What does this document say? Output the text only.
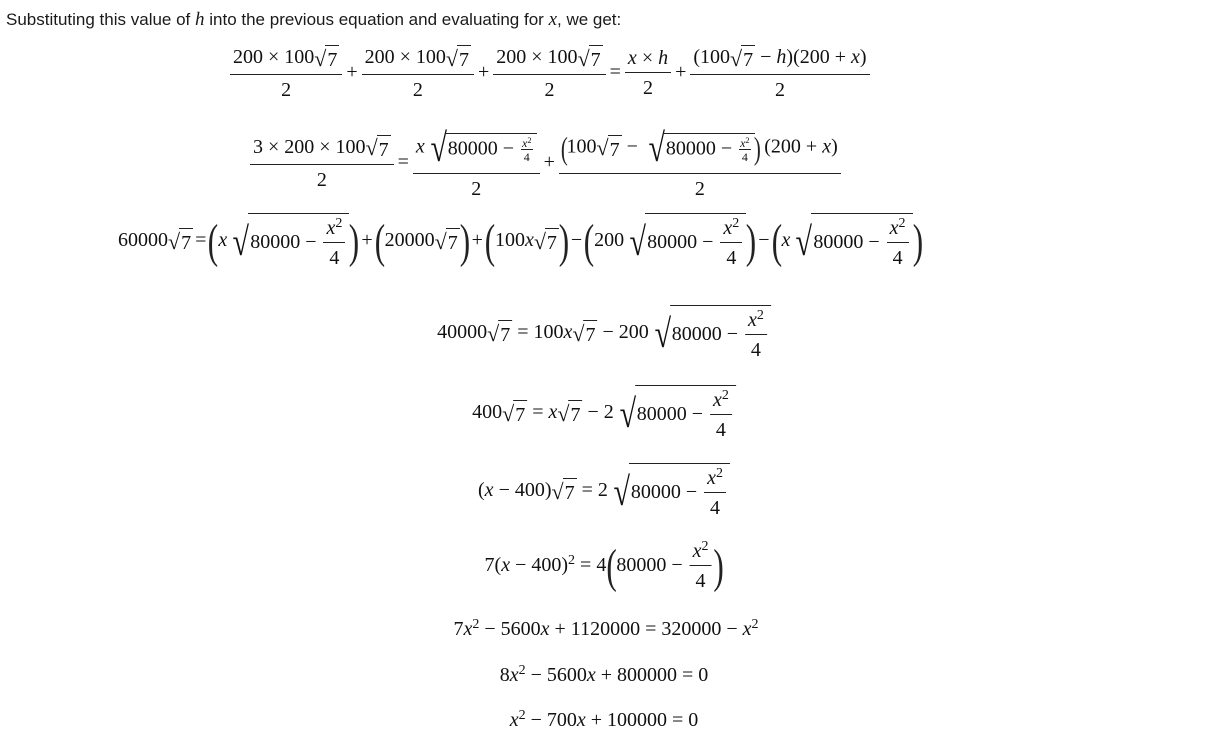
Substituting this value of h into the previous equation and evaluating for x, we get:
$\frac{200 \times 100√7}{2} + \frac{200 \times 100√7}{2} + \frac{200 \times 100√7}{2} = \frac{x \times h}{2} + \frac{(100√7 - h)(200 + x)}{2}$
$\frac{3 \times 200 \times 100√7}{2} = \frac{x √80000 - \frac{x^2}{4}}{2} + \frac{(100√7 - √80000 - \frac{x^2}{4} ) (200 + x)}{2}$
60000√7 =(x $√80000 - \frac{x^2}{4} )+(20000√7)+(100x√7)-(200$ $√80000 - \frac{x^2}{4} )-(x$ $√80000 - \frac{x^2}{4}$ )
40000√7 = 100x√7 − 200 $√80000 - \frac{x^2}{4}$
400√7 = x√7 − 2 $√80000 - \frac{x^2}{4}$
(x − 400)√7 = 2 $√80000 - \frac{x^2}{4}$
$7(x - 400)^2 = 4(80000 - \frac{x^2}{4}$ )
$7x^2 - 5600x + 1120000 = 320000 - x^2$
$8x^2 - 5600x + 800000 = 0$
$x^2 - 700x + 100000 = 0$
